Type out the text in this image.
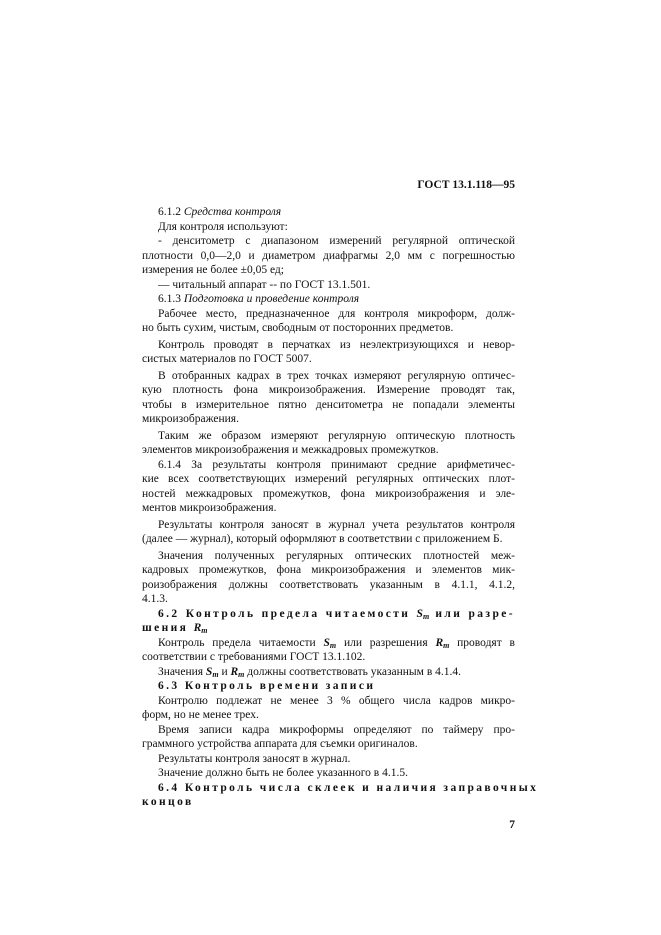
ГОСТ 13.1.118—95
6.1.2 Средства контроля
Для контроля используют:
- денситометр с диапазоном измерений регулярной оптической
плотности 0,0—2,0 и диаметром диафрагмы 2,0 мм с погрешностью
измерения не более ±0,05 ед;
— читальный аппарат -- по ГОСТ 13.1.501.
6.1.3 Подготовка и проведение контроля
Рабочее место, предназначенное для контроля микроформ, долж-
но быть сухим, чистым, свободным от посторонних предметов.
Контроль проводят в перчатках из неэлектризующихся и невор-
систых материалов по ГОСТ 5007.
В отобранных кадрах в трех точках измеряют регулярную оптичес-
кую плотность фона микроизображения. Измерение проводят так,
чтобы в измерительное пятно денситометра не попадали элементы
микроизображения.
Таким же образом измеряют регулярную оптическую плотность
элементов микроизображения и межкадровых промежутков.
6.1.4 За результаты контроля принимают средние арифметичес-
кие всех соответствующих измерений регулярных оптических плот-
ностей межкадровых промежутков, фона микроизображения и эле-
ментов микроизображения.
Результаты контроля заносят в журнал учета результатов контроля
(далее — журнал), который оформляют в соответствии с приложением Б.
Значения полученных регулярных оптических плотностей меж-
кадровых промежутков, фона микроизображения и элементов мик-
роизображения должны соответствовать указанным в 4.1.1, 4.1.2,
4.1.3.
6.2 Контроль предела читаемости $S_m$ или разре-
шения $R_m$
Контроль предела читаемости $S_m$ или разрешения $R_m$ проводят в
соответствии с требованиями ГОСТ 13.1.102.
Значения $S_m$ и $R_m$ должны соответствовать указанным в 4.1.4.
6.3 Контроль времени записи
Контролю подлежат не менее 3 % общего числа кадров микро-
форм, но не менее трех.
Время записи кадра микроформы определяют по таймеру про-
граммного устройства аппарата для съемки оригиналов.
Результаты контроля заносят в журнал.
Значение должно быть не более указанного в 4.1.5.
6.4 Контроль числа склеек и наличия заправочных
концов
7
